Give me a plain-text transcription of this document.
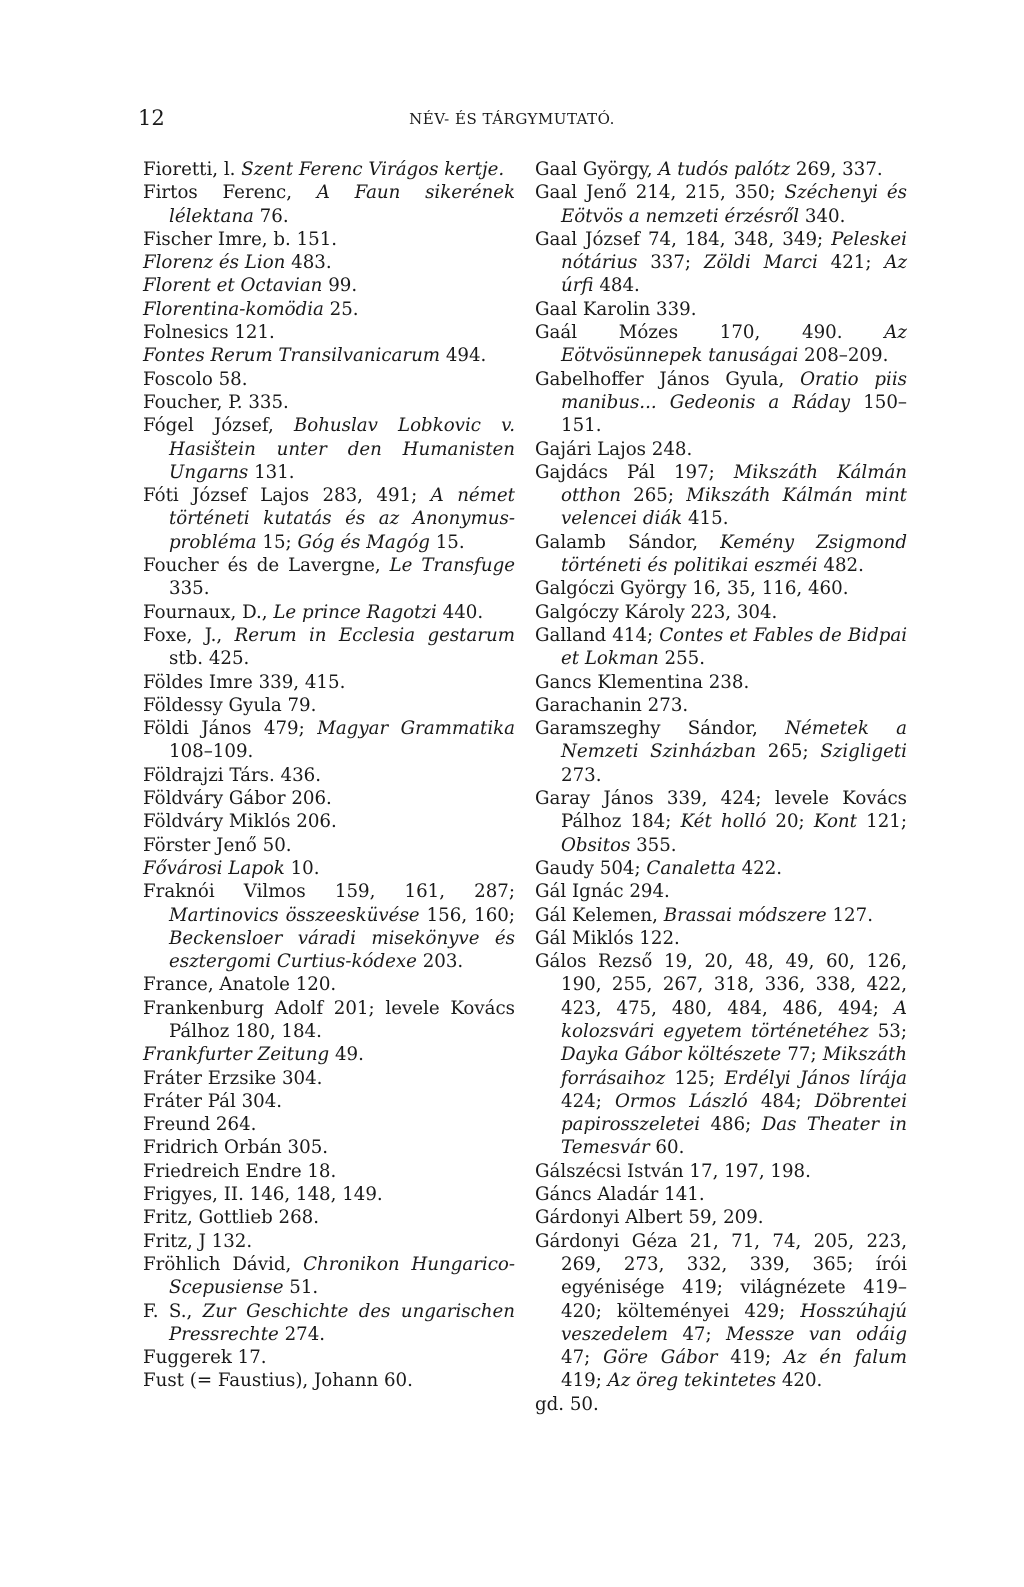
12	NÉV- ÉS TÁRGYMUTATÓ.

Fioretti, l. Szent Ferenc Virágos kertje.

Firtos Ferenc, A Faun sikerének lélektana 76.

Fischer Imre, b. 151.

Florenz és Lion 483.

Florent et Octavian 99.

Florentina-komödia 25.

Folnesics 121.

Fontes Rerum Transilvanicarum 494.

Foscolo 58.

Foucher, P. 335.

Fógel József, Bohuslav Lobkovic v. Hasištein unter den Humanisten Ungarns 131.

Fóti József Lajos 283, 491; A német történeti kutatás és az Anonymus-probléma 15; Góg és Magóg 15.

Foucher és de Lavergne, Le Transfuge 335.

Fournaux, D., Le prince Ragotzi 440.

Foxe, J., Rerum in Ecclesia gestarum stb. 425.

Földes Imre 339, 415.

Földessy Gyula 79.

Földi János 479; Magyar Grammatika 108–109.

Földrajzi Társ. 436.

Földváry Gábor 206.

Földváry Miklós 206.

Förster Jenő 50.

Fővárosi Lapok 10.

Fraknói Vilmos 159, 161, 287; Martinovics összeesküvése 156, 160; Beckensloer váradi misekönyve és esztergomi Curtius-kódexe 203.

France, Anatole 120.

Frankenburg Adolf 201; levele Kovács Pálhoz 180, 184.

Frankfurter Zeitung 49.

Fráter Erzsike 304.

Fráter Pál 304.

Freund 264.

Fridrich Orbán 305.

Friedreich Endre 18.

Frigyes, II. 146, 148, 149.

Fritz, Gottlieb 268.

Fritz, J 132.

Fröhlich Dávid, Chronikon Hungarico-Scepusiense 51.

F. S., Zur Geschichte des ungarischen Pressrechte 274.

Fuggerek 17.

Fust (= Faustius), Johann 60.

Gaal György, A tudós palótz 269, 337.

Gaal Jenő 214, 215, 350; Széchenyi és Eötvös a nemzeti érzésről 340.

Gaal József 74, 184, 348, 349; Peleskei nótárius 337; Zöldi Marci 421; Az úrfi 484.

Gaal Karolin 339.

Gaál Mózes 170, 490. Az Eötvösünnepek tanuságai 208–209.

Gabelhoffer János Gyula, Oratio piis manibus... Gedeonis a Ráday 150–151.

Gajári Lajos 248.

Gajdács Pál 197; Mikszáth Kálmán otthon 265; Mikszáth Kálmán mint velencei diák 415.

Galamb Sándor, Kemény Zsigmond történeti és politikai eszméi 482.

Galgóczi György 16, 35, 116, 460.

Galgóczy Károly 223, 304.

Galland 414; Contes et Fables de Bidpai et Lokman 255.

Gancs Klementina 238.

Garachanin 273.

Garamszeghy Sándor, Németek a Nemzeti Szinházban 265; Szigligeti 273.

Garay János 339, 424; levele Kovács Pálhoz 184; Két holló 20; Kont 121; Obsitos 355.

Gaudy 504; Canaletta 422.

Gál Ignác 294.

Gál Kelemen, Brassai módszere 127.

Gál Miklós 122.

Gálos Rezső 19, 20, 48, 49, 60, 126, 190, 255, 267, 318, 336, 338, 422, 423, 475, 480, 484, 486, 494; A kolozsvári egyetem történetéhez 53; Dayka Gábor költészete 77; Mikszáth forrásaihoz 125; Erdélyi János lírája 424; Ormos László 484; Döbrentei papirosszeletei 486; Das Theater in Temesvár 60.

Gálszécsi István 17, 197, 198.

Gáncs Aladár 141.

Gárdonyi Albert 59, 209.

Gárdonyi Géza 21, 71, 74, 205, 223, 269, 273, 332, 339, 365; írói egyénisége 419; világnézete 419–420; költeményei 429; Hosszúhajú veszedelem 47; Messze van odáig 47; Göre Gábor 419; Az én falum 419; Az öreg tekintetes 420.

gd. 50.
